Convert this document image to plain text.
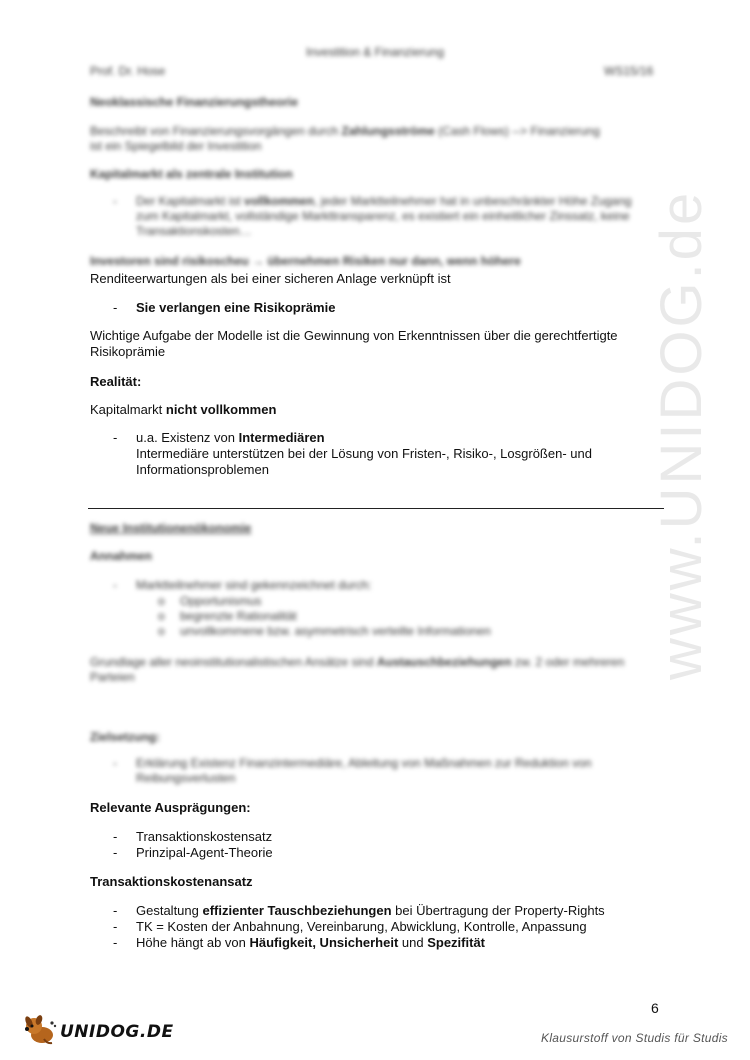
www.UNIDOG.de
Investition & Finanzierung
Prof. Dr. Hose	WS15/16
Neoklassische Finanzierungstheorie
Beschreibt von Finanzierungsvorgängen durch Zahlungsströme (Cash Flows) --> Finanzierung ist ein Spiegelbild der Investition
Kapitalmarkt als zentrale Institution
- Der Kapitalmarkt ist vollkommen, jeder Marktteilnehmer hat in unbeschränkter Höhe Zugang zum Kapitalmarkt, vollständige Markttransparenz, es existiert ein einheitlicher Zinssatz, keine Transaktionskosten…
Investoren sind risikoscheu → übernehmen Risiken nur dann, wenn höhere
Renditeerwartungen als bei einer sicheren Anlage verknüpft ist
- Sie verlangen eine Risikoprämie
Wichtige Aufgabe der Modelle ist die Gewinnung von Erkenntnissen über die gerechtfertigte Risikoprämie
Realität:
Kapitalmarkt nicht vollkommen
- u.a. Existenz von Intermediären
Intermediäre unterstützen bei der Lösung von Fristen-, Risiko-, Losgrößen- und Informationsproblemen
Neue Institutionenökonomie
Annahmen
- Marktteilnehmer sind gekennzeichnet durch:
o Opportunismus
o begrenzte Rationalität
o unvollkommene bzw. asymmetrisch verteilte Informationen
Grundlage aller neoinstitutionalistischen Ansätze sind Austauschbeziehungen zw. 2 oder mehreren Parteien
Zielsetzung:
- Erklärung Existenz Finanzintermediäre, Ableitung von Maßnahmen zur Reduktion von Reibungsverlusten
Relevante Ausprägungen:
- Transaktionskostensatz
- Prinzipal-Agent-Theorie
Transaktionskostenansatz
- Gestaltung effizienter Tauschbeziehungen bei Übertragung der Property-Rights
- TK = Kosten der Anbahnung, Vereinbarung, Abwicklung, Kontrolle, Anpassung
- Höhe hängt ab von Häufigkeit, Unsicherheit und Spezifität
6
UNIDOG.DE	Klausurstoff von Studis für Studis
